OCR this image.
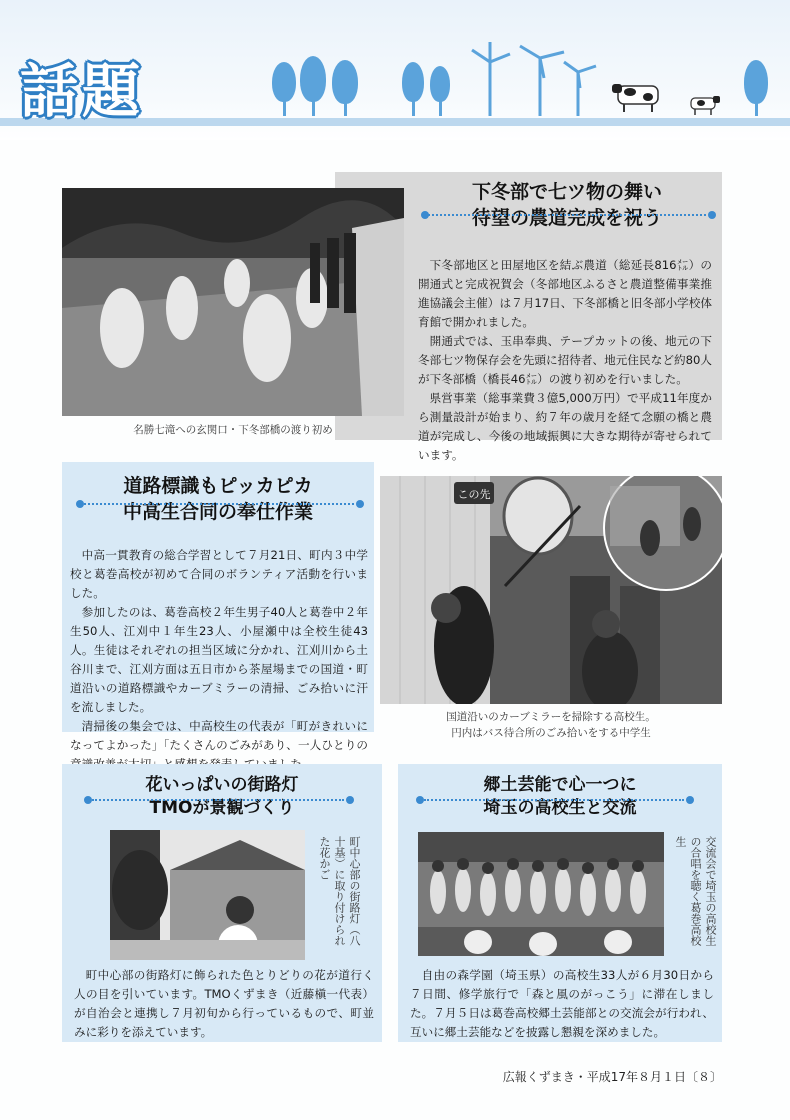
話題
名勝七滝への玄関口・下冬部橋の渡り初め
下冬部で七ツ物の舞い
待望の農道完成を祝う
下冬部地区と田屋地区を結ぶ農道（総延長816㍍）の開通式と完成祝賀会（冬部地区ふるさと農道整備事業推進協議会主催）は７月17日、下冬部橋と旧冬部小学校体育館で開かれました。
開通式では、玉串奉典、テープカットの後、地元の下冬部七ツ物保存会を先頭に招待者、地元住民など約80人が下冬部橋（橋長46㍍）の渡り初めを行いました。
県営事業（総事業費３億5,000万円）で平成11年度から測量設計が始まり、約７年の歳月を経て念願の橋と農道が完成し、今後の地域振興に大きな期待が寄せられています。
道路標識もピッカピカ
中高生合同の奉仕作業
中高一貫教育の総合学習として７月21日、町内３中学校と葛巻高校が初めて合同のボランティア活動を行いました。
参加したのは、葛巻高校２年生男子40人と葛巻中２年生50人、江刈中１年生23人、小屋瀬中は全校生徒43人。生徒はそれぞれの担当区域に分かれ、江刈川から土谷川まで、江刈方面は五日市から茶屋場までの国道・町道沿いの道路標識やカーブミラーの清掃、ごみ拾いに汗を流しました。
清掃後の集会では、中高校生の代表が「町がきれいになってよかった」「たくさんのごみがあり、一人ひとりの
この先
国道沿いのカーブミラーを掃除する高校生。
円内はバス待合所のごみ拾いをする中学生
花いっぱいの街路灯
TMOが景観づくり
町中心部の街路灯（八十基）に取り付けられた花かご
町中心部の街路灯に飾られた色とりどりの花が道行く人の目を引いています。TMOくずまき（近藤槇一代表）が自治会と連携し７月初旬から行っているもので、町並みに彩りを添えています。
郷土芸能で心一つに
埼玉の高校生と交流
交流会で埼玉の高校生の合唱を聴く葛巻高校生
自由の森学園（埼玉県）の高校生33人が６月30日から７日間、修学旅行で「森と風のがっこう」に滞在しました。７月５日は葛巻高校郷土芸能部との交流会が行われ、互いに郷土芸能などを披露し懇親を深めました。
広報くずまき・平成17年８月１日〔８〕
